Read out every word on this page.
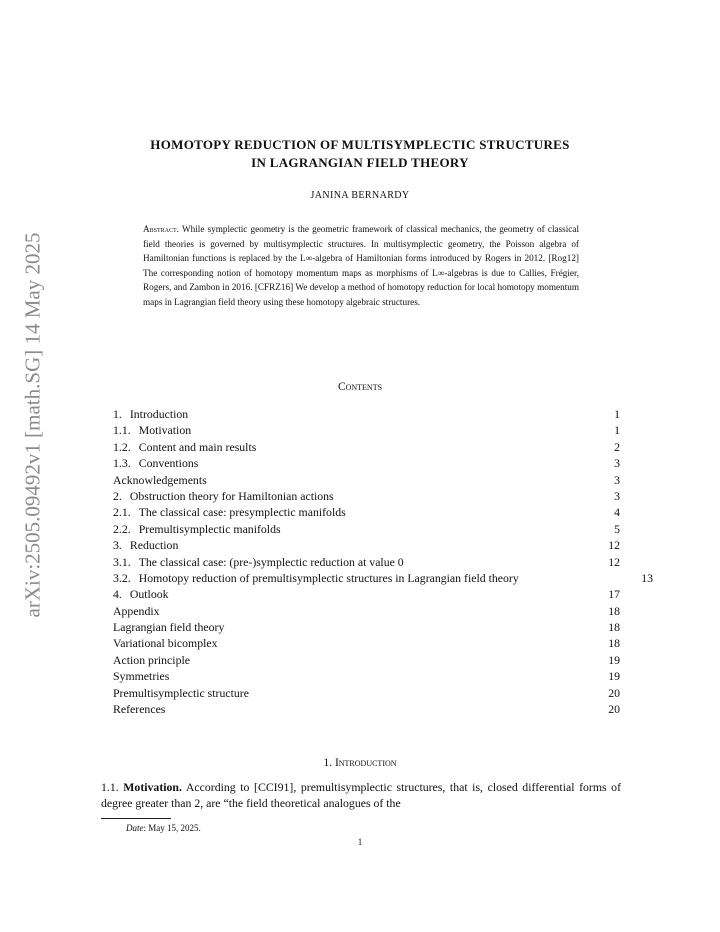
arXiv:2505.09492v1 [math.SG] 14 May 2025
HOMOTOPY REDUCTION OF MULTISYMPLECTIC STRUCTURES
IN LAGRANGIAN FIELD THEORY
JANINA BERNARDY
Abstract. While symplectic geometry is the geometric framework of classical mechanics, the geometry of classical field theories is governed by multisymplectic structures. In multisymplectic geometry, the Poisson algebra of Hamiltonian functions is replaced by the L∞-algebra of Hamiltonian forms introduced by Rogers in 2012. [Rog12] The corresponding notion of homotopy momentum maps as morphisms of L∞-algebras is due to Callies, Frégier, Rogers, and Zambon in 2016. [CFRZ16] We develop a method of homotopy reduction for local homotopy momentum maps in Lagrangian field theory using these homotopy algebraic structures.
Contents
1. Introduction	1
1.1. Motivation	1
1.2. Content and main results	2
1.3. Conventions	3
Acknowledgements	3
2. Obstruction theory for Hamiltonian actions	3
2.1. The classical case: presymplectic manifolds	4
2.2. Premultisymplectic manifolds	5
3. Reduction	12
3.1. The classical case: (pre-)symplectic reduction at value 0	12
3.2. Homotopy reduction of premultisymplectic structures in Lagrangian field theory	13
4. Outlook	17
Appendix	18
Lagrangian field theory	18
Variational bicomplex	18
Action principle	19
Symmetries	19
Premultisymplectic structure	20
References	20
1. Introduction
1.1. Motivation. According to [CCI91], premultisymplectic structures, that is, closed differential forms of degree greater than 2, are “the field theoretical analogues of the
Date: May 15, 2025.
1
